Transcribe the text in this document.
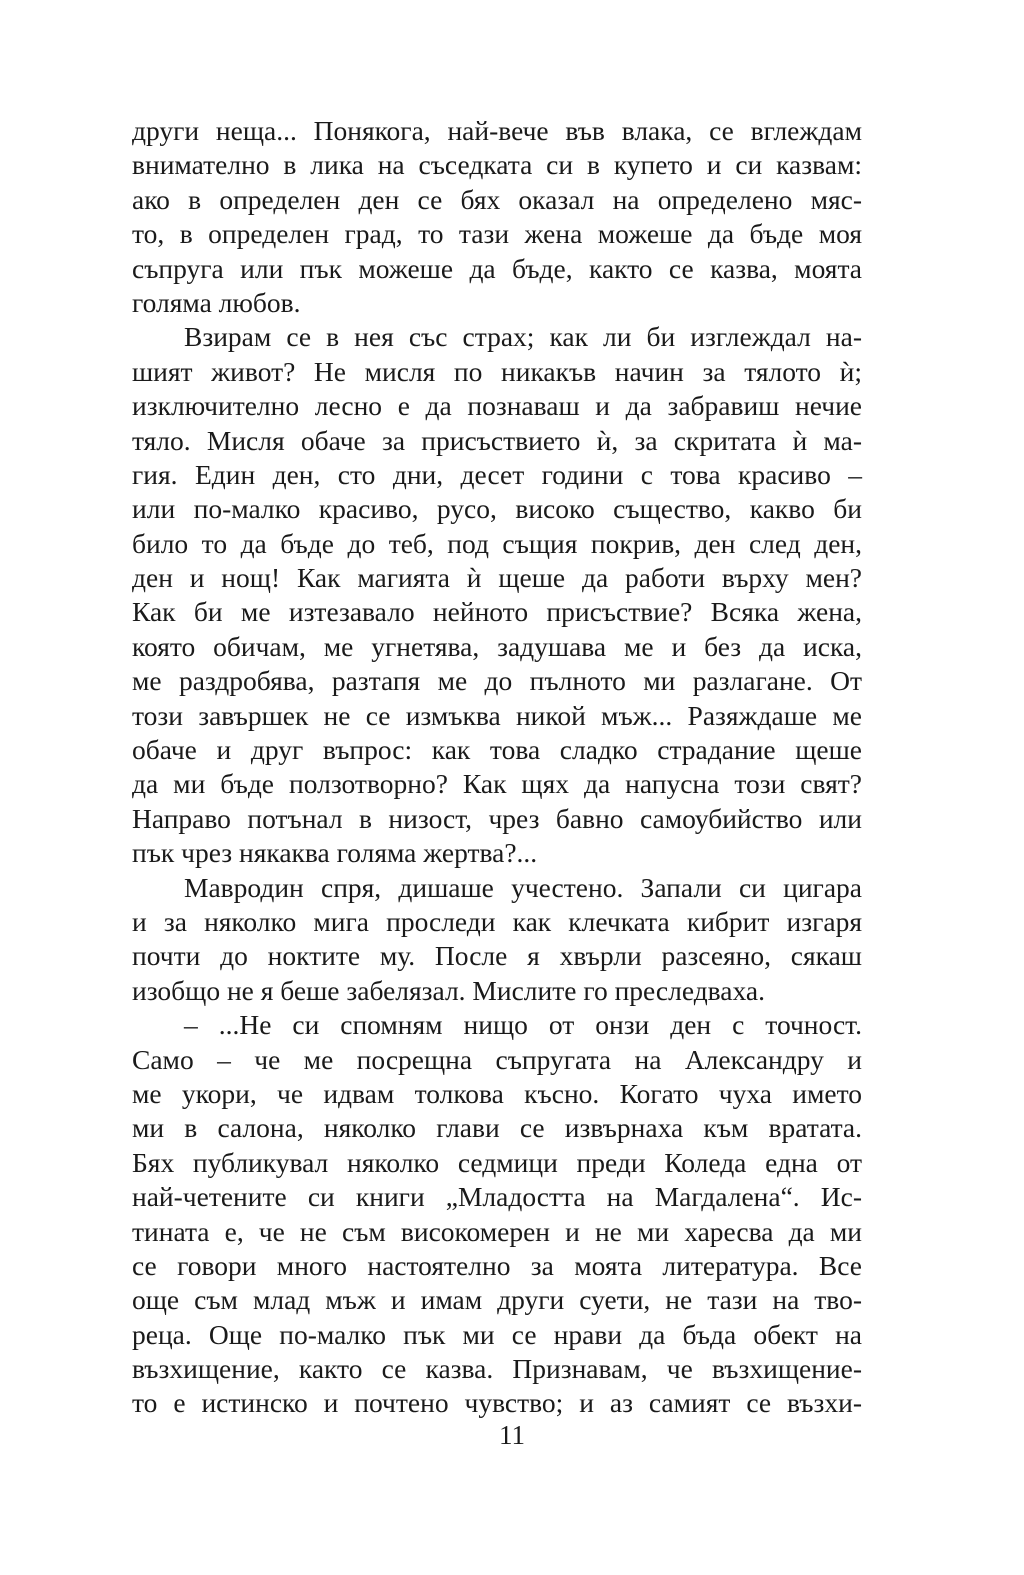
други неща... Понякога, най-вече във влака, се вглеждам
внимателно в лика на съседката си в купето и си казвам:
ако в определен ден се бях оказал на определено мяс-
то, в определен град, то тази жена можеше да бъде моя
съпруга или пък можеше да бъде, както се казва, моята
голяма любов.
Взирам се в нея със страх; как ли би изглеждал на-
шият живот? Не мисля по никакъв начин за тялото ѝ;
изключително лесно е да познаваш и да забравиш нечие
тяло. Мисля обаче за присъствието ѝ, за скритата ѝ ма-
гия. Един ден, сто дни, десет години с това красиво –
или по-малко красиво, русо, високо същество, какво би
било то да бъде до теб, под същия покрив, ден след ден,
ден и нощ! Как магията ѝ щеше да работи върху мен?
Как би ме изтезавало нейното присъствие? Всяка жена,
която обичам, ме угнетява, задушава ме и без да иска,
ме раздробява, разтапя ме до пълното ми разлагане. От
този завършек не се измъква никой мъж... Разяждаше ме
обаче и друг въпрос: как това сладко страдание щеше
да ми бъде ползотворно? Как щях да напусна този свят?
Направо потънал в низост, чрез бавно самоубийство или
пък чрез някаква голяма жертва?...
Мавродин спря, дишаше учестено. Запали си цигара
и за няколко мига проследи как клечката кибрит изгаря
почти до ноктите му. После я хвърли разсеяно, сякаш
изобщо не я беше забелязал. Мислите го преследваха.
– ...Не си спомням нищо от онзи ден с точност.
Само – че ме посрещна съпругата на Александру и
ме укори, че идвам толкова късно. Когато чуха името
ми в салона, няколко глави се извърнаха към вратата.
Бях публикувал няколко седмици преди Коледа една от
най-четените си книги „Младостта на Магдалена“. Ис-
тината е, че не съм високомерен и не ми харесва да ми
се говори много настоятелно за моята литература. Все
още съм млад мъж и имам други суети, не тази на тво-
реца. Още по-малко пък ми се нрави да бъда обект на
възхищение, както се казва. Признавам, че възхищение-
то е истинско и почтено чувство; и аз самият се възхи-
11
